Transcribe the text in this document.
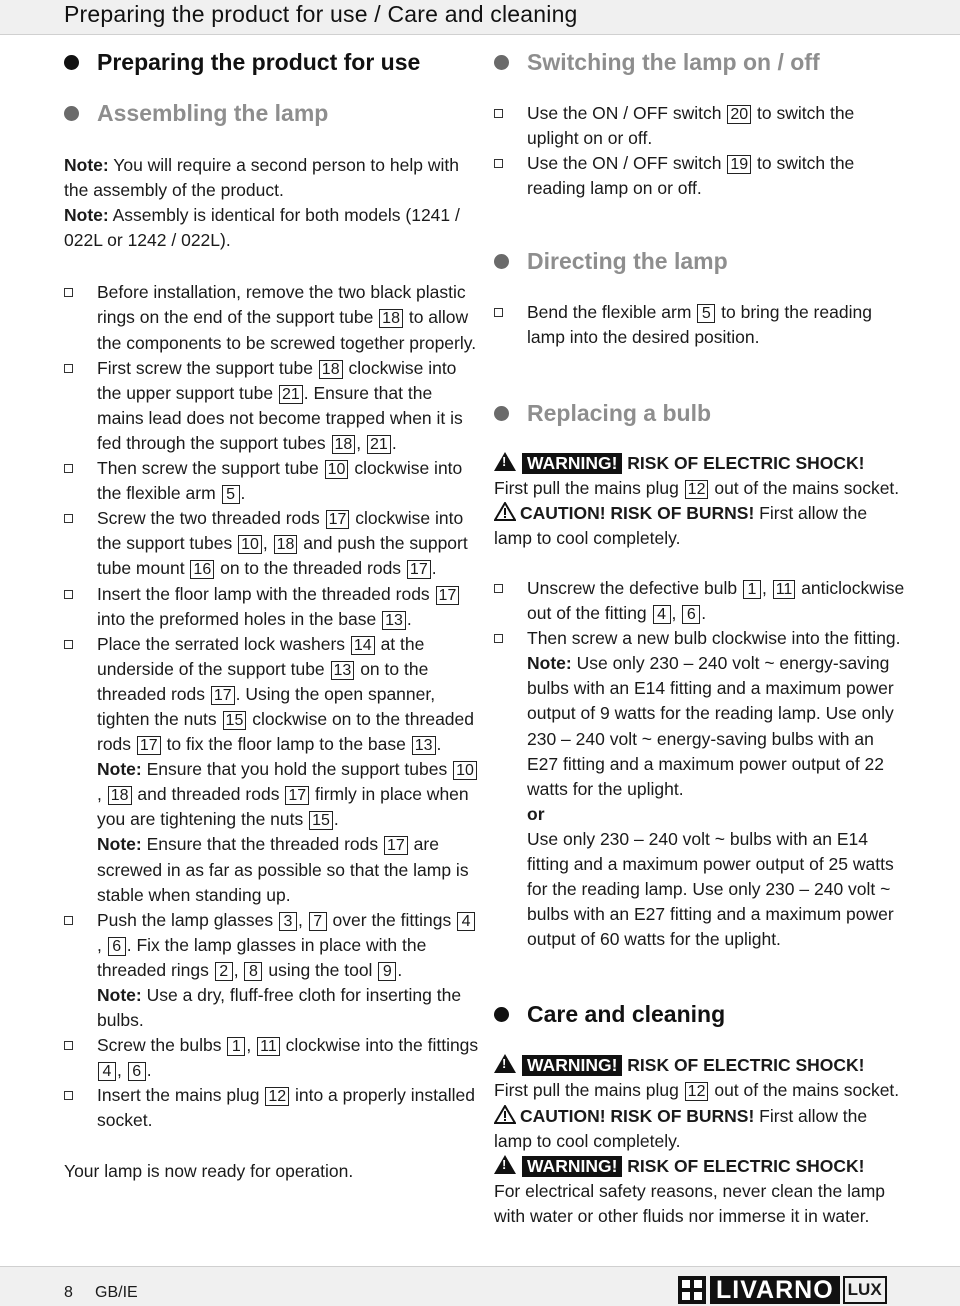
Preparing the product for use / Care and cleaning
Preparing the product for use
Assembling the lamp

Note: You will require a second person to help with the assembly of the product.

Note: Assembly is identical for both models (1241 / 022L or 1242 / 022L).

Before installation, remove the two black plastic rings on the end of the support tube 18 to allow the components to be screwed together properly.

First screw the support tube 18 clockwise into the upper support tube 21 . Ensure that the mains lead does not become trapped when it is fed through the support tubes 18 , 21 .

Then screw the support tube 10 clockwise into the flexible arm 5 .

Screw the two threaded rods 17 clockwise into the support tubes 10 , 18 and push the support tube mount 16 on to the threaded rods 17 .

Insert the floor lamp with the threaded rods 17 into the preformed holes in the base 13 .

Place the serrated lock washers 14 at the underside of the support tube 13 on to the threaded rods 17 . Using the open spanner, tighten the nuts 15 clockwise on to the threaded rods 17 to fix the floor lamp to the base 13 .
Note: Ensure that you hold the support tubes 10, 18 and threaded rods 17 firmly in place when you are tightening the nuts 15 .
Note: Ensure that the threaded rods 17 are screwed in as far as possible so that the lamp is stable when standing up.
Push the lamp glasses 3 , 7 over the fittings 4, 6 . Fix the lamp glasses in place with the threaded rings 2 , 8 using the tool 9 .
Note: Use a dry, fluff-free cloth for inserting the bulbs.

Screw the bulbs 1 , 11 clockwise into the fittings 4 , 6 .

Insert the mains plug 12 into a properly installed socket.

Your lamp is now ready for operation.

Switching the lamp on / off

Use the ON / OFF switch 20 to switch the uplight on or off.

Use the ON / OFF switch 19 to switch the reading lamp on or off.

Directing the lamp

Bend the flexible arm 5 to bring the reading lamp into the desired position.

Replacing a bulb

!WARNING! RISK OF ELECTRIC SHOCK!

First pull the mains plug 12 out of the mains socket.

CAUTION! RISK OF BURNS! First allow the lamp to cool completely.

Unscrew the defective bulb 1 , 11 anticlockwise out of the fitting 4 , 6 .

Then screw a new bulb clockwise into the fitting.
Note: Use only 230 – 240 volt ~ energy-saving bulbs with an E14 fitting and a maximum power output of 9 watts for the reading lamp. Use only 230 – 240 volt ~ energy-saving bulbs with an E27 fitting and a maximum power output of 22 watts for the uplight.
or
Use only 230 – 240 volt ~ bulbs with an E14 fitting and a maximum power output of 25 watts for the reading lamp. Use only 230 – 240 volt ~ bulbs with an E27 fitting and a maximum power output of 60 watts for the uplight.
Care and cleaning

!WARNING! RISK OF ELECTRIC SHOCK!

First pull the mains plug 12 out of the mains socket.

CAUTION! RISK OF BURNS! First allow the lamp to cool completely.

!WARNING! RISK OF ELECTRIC SHOCK!

For electrical safety reasons, never clean the lamp with water or other fluids nor immerse it in water.

8 GB/IE	LIVARNO LUX
